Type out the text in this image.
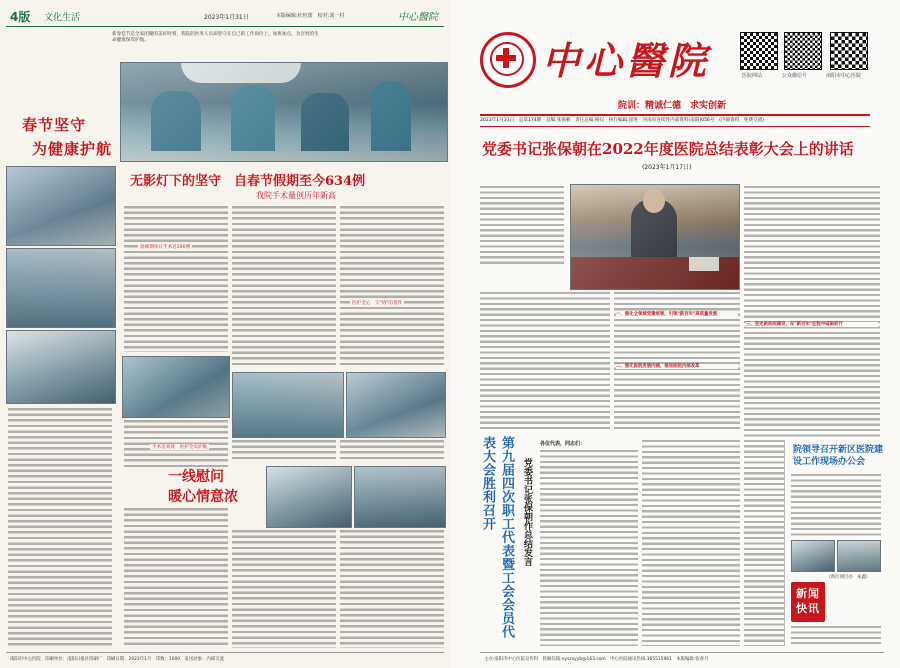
4版 文化生活	2023年1月31日	本版编辑:杜恒蕾　校对:刘一村	中心醫院
新春佳节是全家团聚的美好时刻，我院的医务人员却坚守在自己的工作岗位上，加班加点，为百姓的生命健康保驾护航。
春节坚守
为健康护航
无影灯下的坚守　自春节假期至今634例
我院手术量创历年新高
高峰期单日手术近200例
医护全心　天"协"的善作
手术室高效　医护全员护航
一线慰问
暖心情意浓
南阳市中心医院　印刷单位：南阳日报社印刷厂　印刷日期：2023年1月　印数：1000　发送对象：内部交流
中心醫院	医院网站	公众微信号	南阳市中心医院
院训：精诚仁德　求实创新
2023年1月31日　总第174期　总编:张保朝　责任总编:杨仅　执行编辑:徐进　河南省连续性内部资料(南阳)056号　(内部资料　免费交流)
党委书记张保朝在2022年度医院总结表彰大会上的讲话
(2023年1月17日)
三、坚定新医院建设，在"新百年"征程中砥砺前行
一、强化全领域党建统领，引领"新百年"高质量发展
二、强化医院发展内涵，推进医院内部改革
第九届四次职工代表暨工会会员代表大会胜利召开	党委书记张保朝作总结发言
各位代表，同志们：
院领导召开新区医院建设工作现场办公会
(新区项目办　朱鑫)
新闻快讯
主办:南阳市中心医院宣传科　投稿信箱:nyszxyyb@163.com　中心医院通讯热线:365515961　本版编辑:张春月
